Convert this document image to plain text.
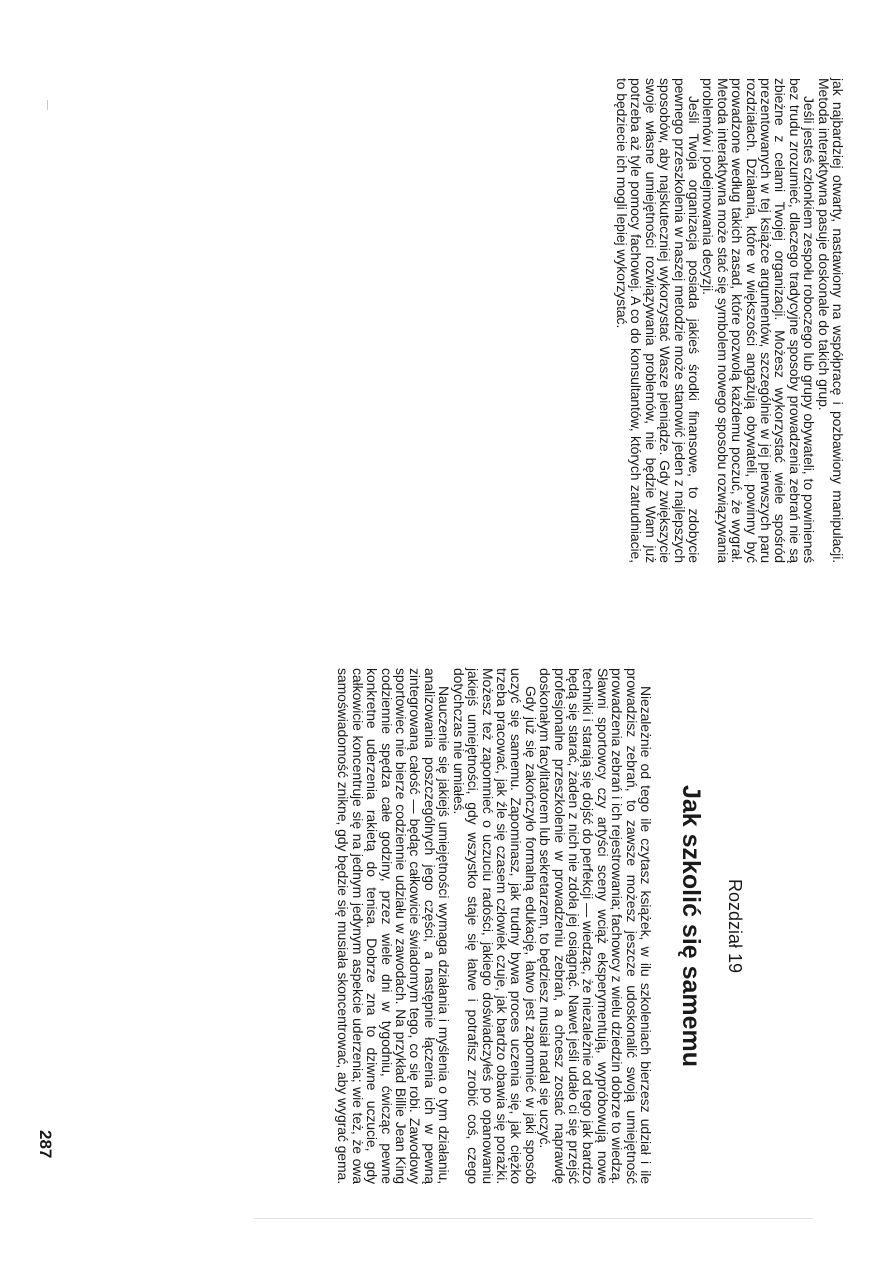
jak najbardziej otwarty, nastawiony na współpracę i pozbawiony manipulacji. Metoda interaktywna pasuje doskonale do takich grup.

Jeśli jesteś członkiem zespołu roboczego lub grupy obywateli, to powinieneś bez trudu zrozumieć, dlaczego tradycyjne sposoby prowadzenia zebrań nie są zbieżne z celami Twojej organizacji. Możesz wykorzystać wiele spośród prezentowanych w tej książce argumentów, szczególnie w jej pierwszych paru rozdziałach. Działania, które w większości angażują obywateli, powinny być prowadzone według takich zasad, które pozwolą każdemu poczuć, że wygrał. Metoda interaktywna może stać się symbolem nowego sposobu rozwiązywania problemów i podejmowania decyzji.

Jeśli Twoja organizacja posiada jakieś środki finansowe, to zdobycie pewnego przeszkolenia w naszej metodzie może stanowić jeden z najlepszych sposobów, aby najskuteczniej wykorzystać Wasze pieniądze. Gdy zwiększycie swoje własne umiejętności rozwiązywania problemów, nie będzie Wam już potrzeba aż tyle pomocy fachowej. A co do konsultantów, których zatrudniacie, to będziecie ich mogli lepiej wykorzystać.

Rozdział 19
Jak szkolić się samemu

Niezależnie od tego ile czytasz książek, w ilu szkoleniach bierzesz udział i ile prowadzisz zebrań, to zawsze możesz jeszcze udoskonalić swoją umiejętność prowadzenia zebrań i ich rejestrowania; fachowcy z wielu dziedzin dobrze to wiedzą. Sławni sportowcy czy artyści sceny wciąż eksperymentują, wypróbowują nowe techniki i starają się dojść do perfekcji — wiedząc, że niezależnie od tego jak bardzo będą się starać, żaden z nich nie zdoła jej osiągnąć. Nawet jeśli udało ci się przejść profesjonalne przeszkolenie w prowadzeniu zebrań, a chcesz zostać naprawdę doskonałym facylitatorem lub sekretarzem, to będziesz musiał nadal się uczyć.

Gdy już się zakończyło formalną edukację, łatwo jest zapomnieć w jaki sposób uczyć się samemu. Zapominasz, jak trudny bywa proces uczenia się, jak ciężko trzeba pracować, jak źle się czasem człowiek czuje, jak bardzo obawia się porażki. Możesz też zapomnieć o uczuciu radości, jakiego doświadczyłeś po opanowaniu jakiejś umiejętności, gdy wszystko staje się łatwe i potrafisz zrobić coś, czego dotychczas nie umiałeś.

Nauczenie się jakiejś umiejętności wymaga działania i myślenia o tym działaniu, analizowania poszczególnych jego części, a następnie łączenia ich w pewną zintegrowaną całość — będąc całkowicie świadomym tego, co się robi. Zawodowy sportowiec nie bierze codziennie udziału w zawodach. Na przykład Billie Jean King codziennie spędza całe godziny, przez wiele dni w tygodniu, ćwicząc pewne konkretne uderzenia rakietą do tenisa. Dobrze zna to dziwne uczucie, gdy całkowicie koncentruje się na jednym jedynym aspekcie uderzenia; wie też, że owa samoświadomość znikne, gdy będzie się musiała skoncentrować, aby wygrać gema.

287
